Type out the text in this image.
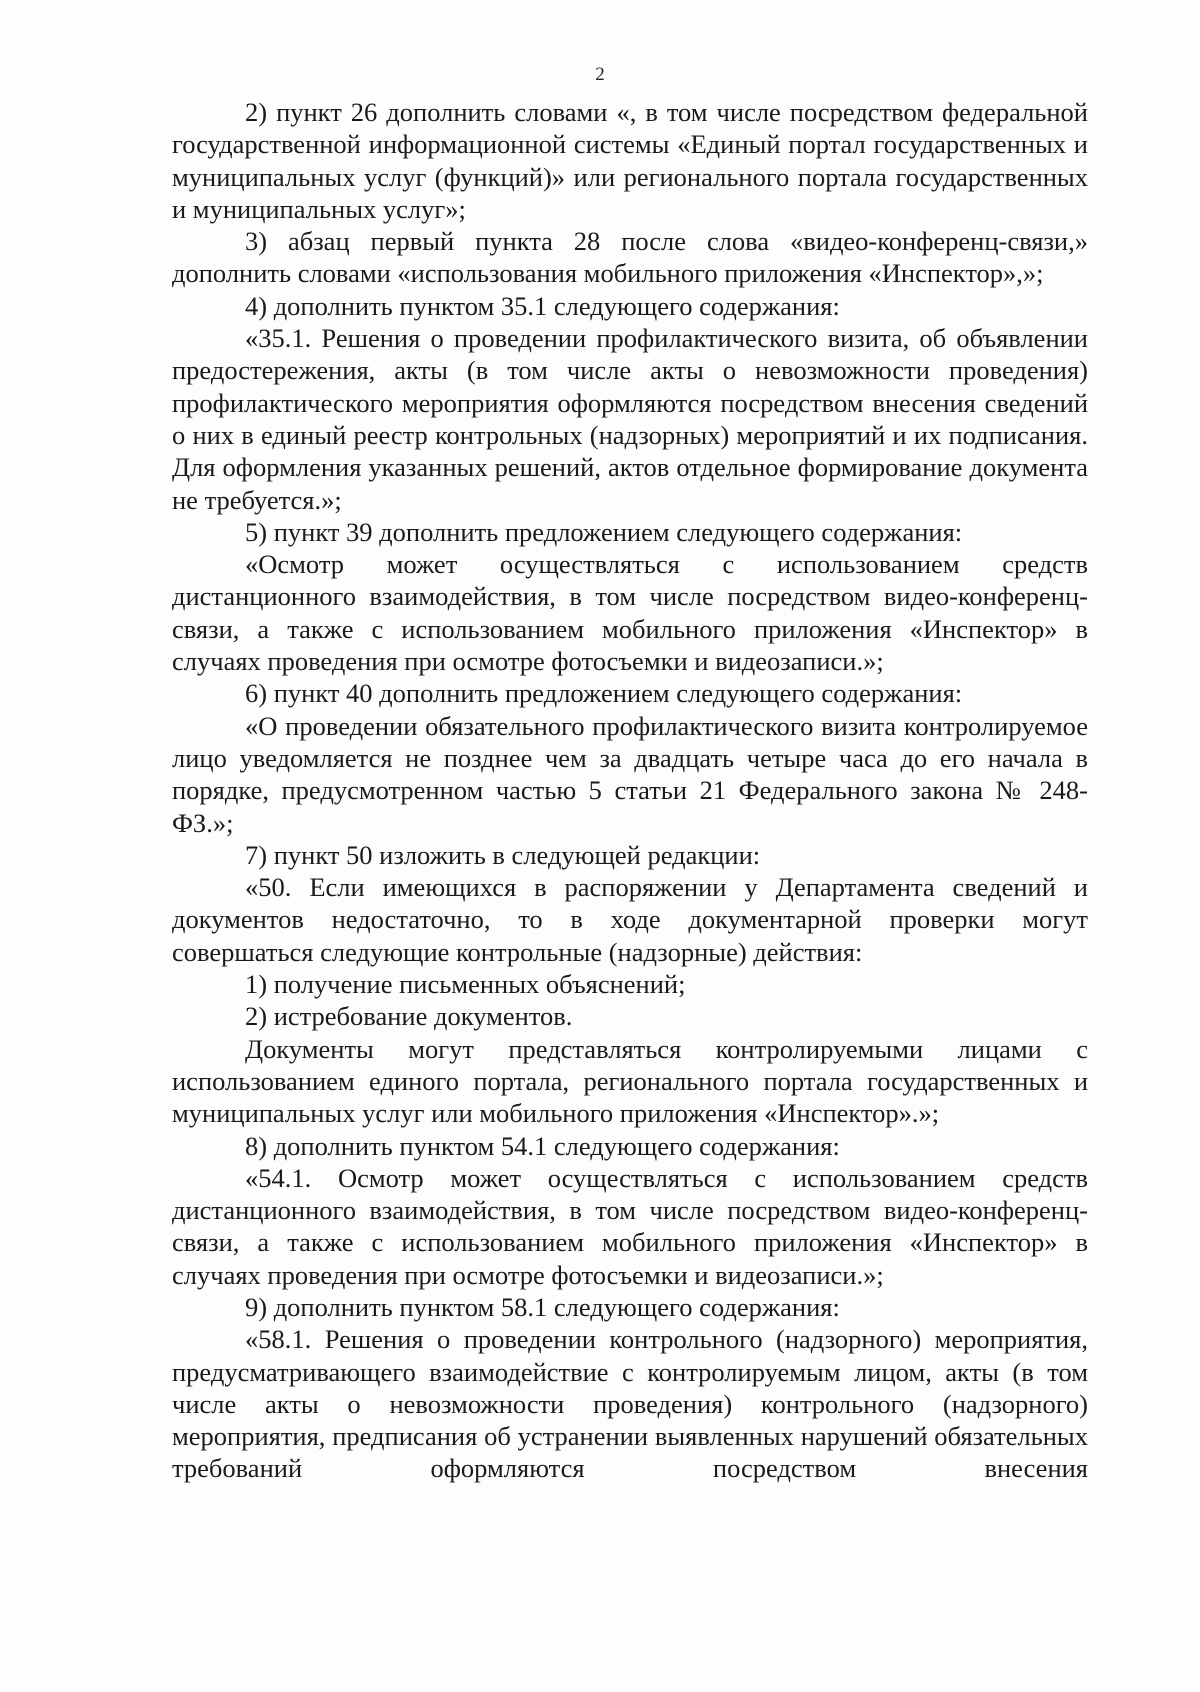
2

2) пункт 26 дополнить словами «, в том числе посредством федеральной государственной информационной системы «Единый портал государственных и муниципальных услуг (функций)» или регионального портала государственных и муниципальных услуг»;

3) абзац первый пункта 28 после слова «видео-конференц-связи,» дополнить словами «использования мобильного приложения «Инспектор»,»;

4) дополнить пунктом 35.1 следующего содержания:

«35.1. Решения о проведении профилактического визита, об объявлении предостережения, акты (в том числе акты о невозможности проведения) профилактического мероприятия оформляются посредством внесения сведений о них в единый реестр контрольных (надзорных) мероприятий и их подписания. Для оформления указанных решений, актов отдельное формирование документа не требуется.»;

5) пункт 39 дополнить предложением следующего содержания:

«Осмотр может осуществляться с использованием средств дистанционного взаимодействия, в том числе посредством видео-конференц-связи, а также с использованием мобильного приложения «Инспектор» в случаях проведения при осмотре фотосъемки и видеозаписи.»;

6) пункт 40 дополнить предложением следующего содержания:

«О проведении обязательного профилактического визита контролируемое лицо уведомляется не позднее чем за двадцать четыре часа до его начала в порядке, предусмотренном частью 5 статьи 21 Федерального закона № 248-ФЗ.»;

7) пункт 50 изложить в следующей редакции:

«50. Если имеющихся в распоряжении у Департамента сведений и документов недостаточно, то в ходе документарной проверки могут совершаться следующие контрольные (надзорные) действия:

1) получение письменных объяснений;

2) истребование документов.

Документы могут представляться контролируемыми лицами с использованием единого портала, регионального портала государственных и муниципальных услуг или мобильного приложения «Инспектор».»;

8) дополнить пунктом 54.1 следующего содержания:

«54.1. Осмотр может осуществляться с использованием средств дистанционного взаимодействия, в том числе посредством видео-конференц-связи, а также с использованием мобильного приложения «Инспектор» в случаях проведения при осмотре фотосъемки и видеозаписи.»;

9) дополнить пунктом 58.1 следующего содержания:

«58.1. Решения о проведении контрольного (надзорного) мероприятия, предусматривающего взаимодействие с контролируемым лицом, акты (в том числе акты о невозможности проведения) контрольного (надзорного) мероприятия, предписания об устранении выявленных нарушений обязательных требований оформляются посредством внесения
